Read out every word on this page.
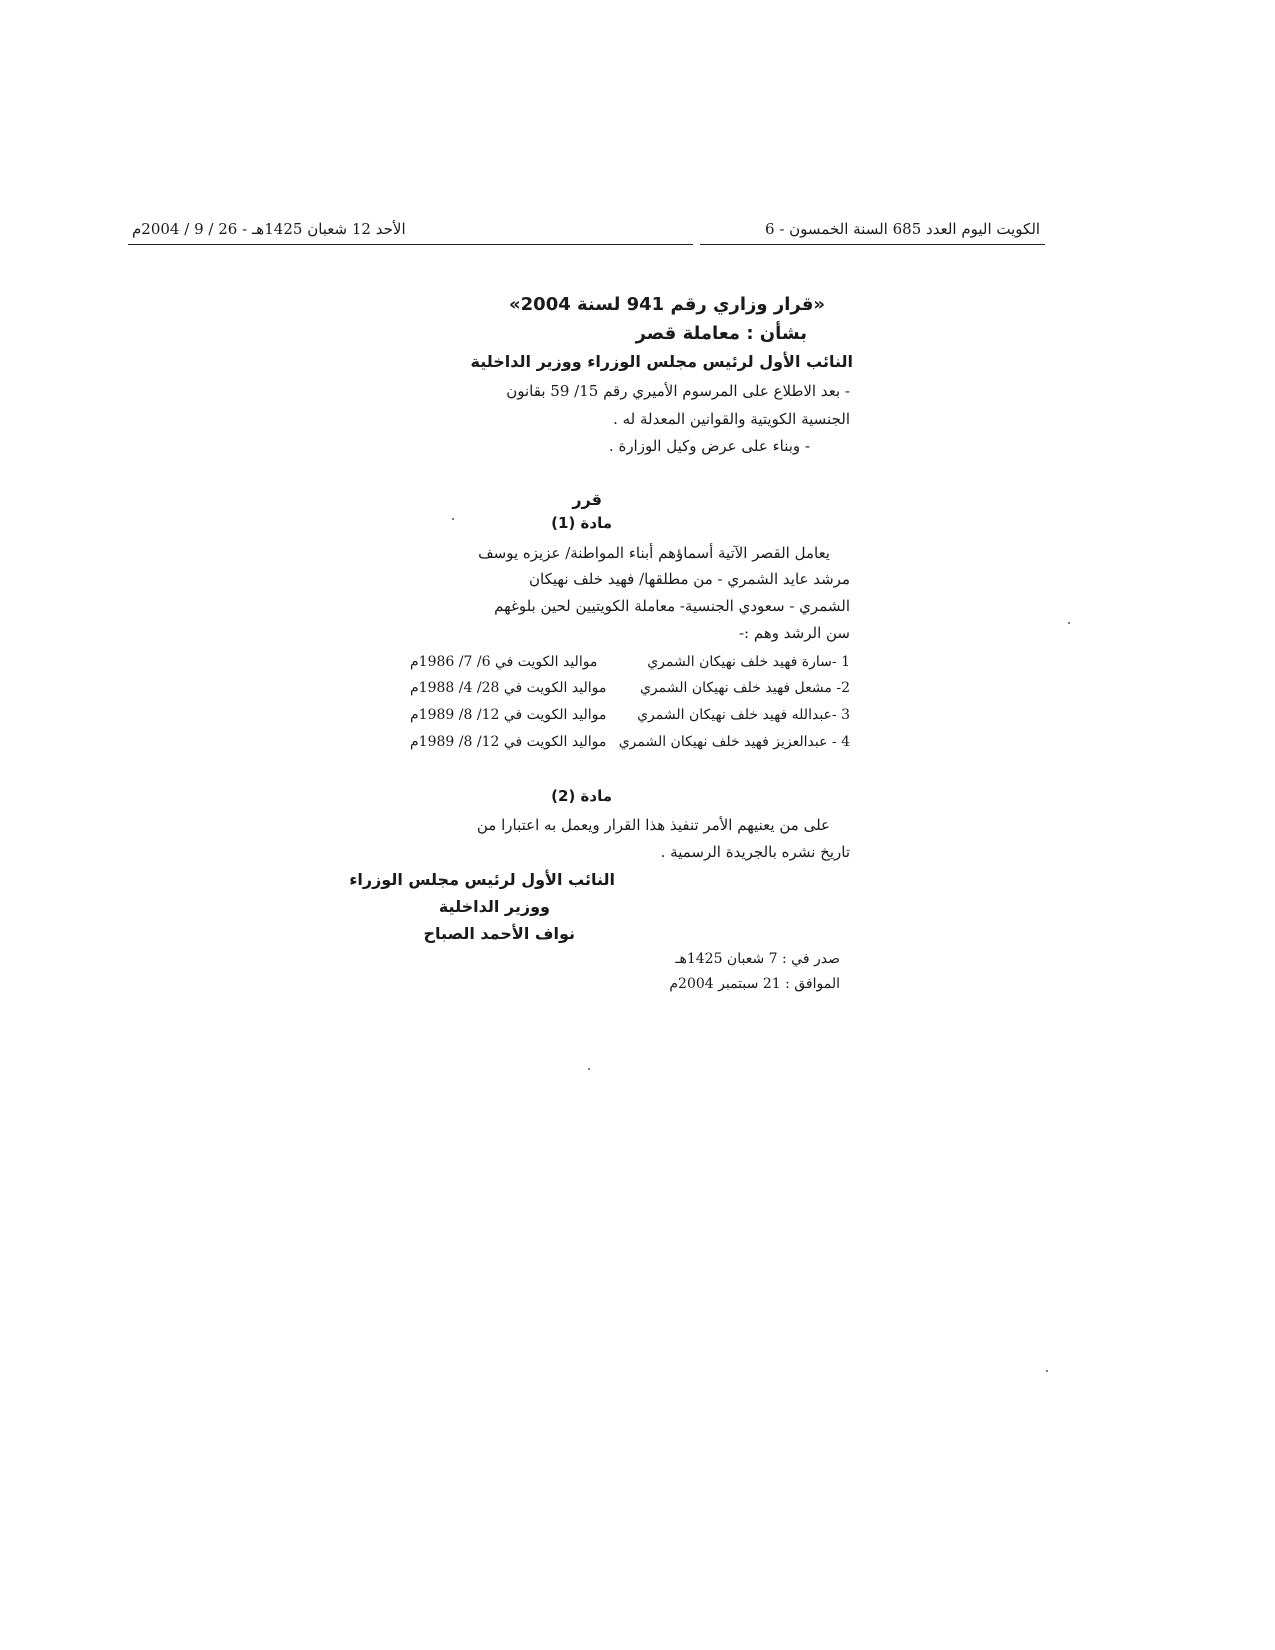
الأحد 12 شعبان 1425هـ - 26 / 9 / 2004م	الكويت اليوم العدد 685 السنة الخمسون - 6
«قرار وزاري رقم 941 لسنة 2004»
بشأن : معاملة قصر
النائب الأول لرئيس مجلس الوزراء ووزير الداخلية
- بعد الاطلاع على المرسوم الأميري رقم 15/ 59 بقانون
الجنسية الكويتية والقوانين المعدلة له .
- وبناء على عرض وكيل الوزارة .
قرر
مادة (1)
يعامل القصر الآتية أسماؤهم أبناء المواطنة/ عزيزه يوسف
مرشد عايد الشمري - من مطلقها/ فهيد خلف نهيكان
الشمري - سعودي الجنسية- معاملة الكويتيين لحين بلوغهم
سن الرشد وهم :-
1 -سارة فهيد خلف نهيكان الشمري
مواليد الكويت في 6/ 7/ 1986م
2- مشعل فهيد خلف نهيكان الشمري
مواليد الكويت في 28/ 4/ 1988م
3 -عبدالله فهيد خلف نهيكان الشمري
مواليد الكويت في 12/ 8/ 1989م
4 - عبدالعزيز فهيد خلف نهيكان الشمري
مواليد الكويت في 12/ 8/ 1989م
مادة (2)
على من يعنيهم الأمر تنفيذ هذا القرار ويعمل به اعتبارا من
تاريخ نشره بالجريدة الرسمية .
النائب الأول لرئيس مجلس الوزراء
ووزير الداخلية
نواف الأحمد الصباح
صدر في : 7 شعبان 1425هـ
الموافق : 21 سبتمبر 2004م
